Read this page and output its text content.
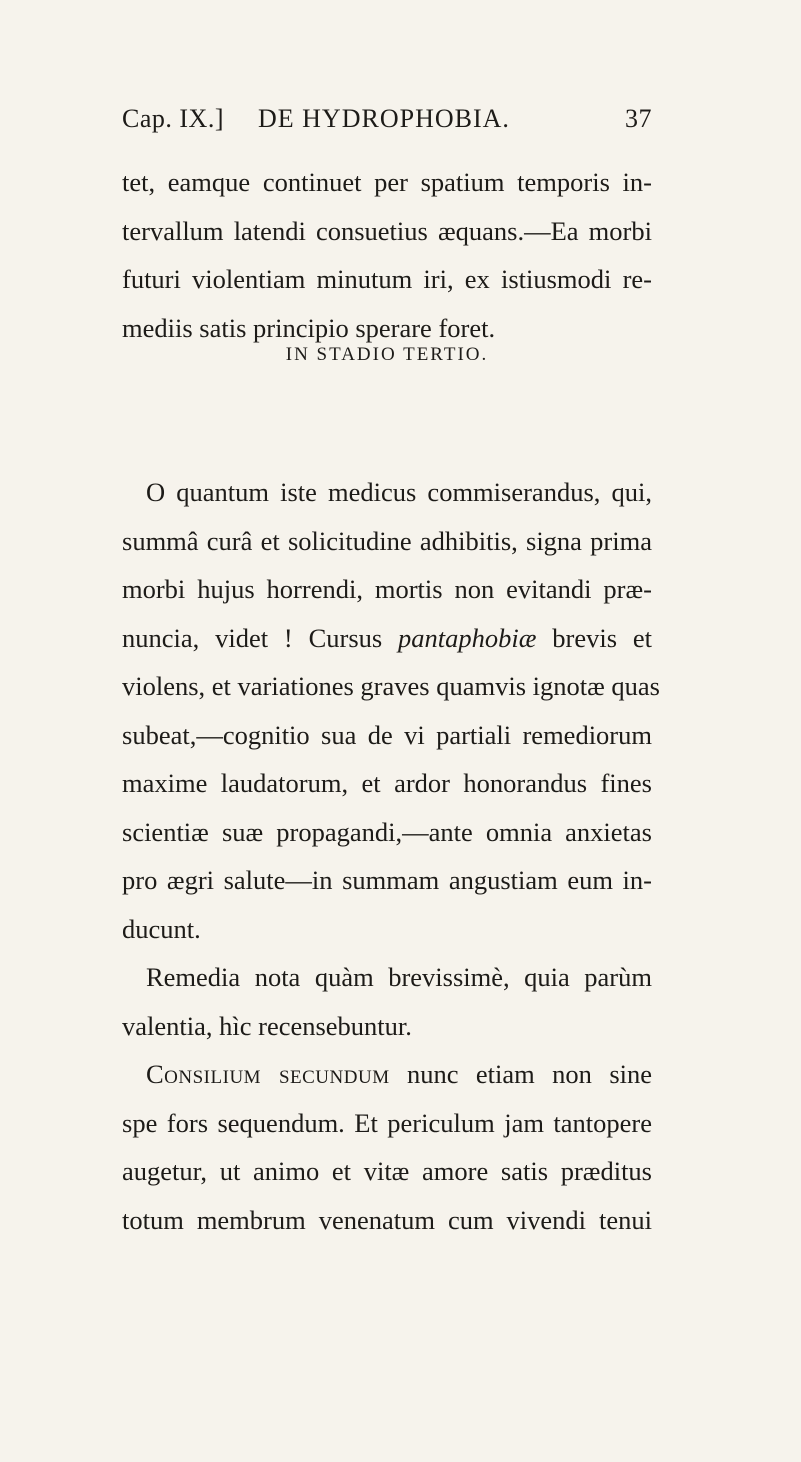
Cap. IX.] DE HYDROPHOBIA.	37
tet, eamque continuet per spatium temporis in-
tervallum latendi consuetius æquans.—Ea morbi
futuri violentiam minutum iri, ex istiusmodi re-
mediis satis principio sperare foret.
IN STADIO TERTIO.
O quantum iste medicus commiserandus, qui,
summâ curâ et solicitudine adhibitis, signa prima
morbi hujus horrendi, mortis non evitandi præ-
nuncia, videt ! Cursus pantaphobiæ brevis et
violens, et variationes graves quamvis ignotæ quas
subeat,—cognitio sua de vi partiali remediorum
maxime laudatorum, et ardor honorandus fines
scientiæ suæ propagandi,—ante omnia anxietas
pro ægri salute—in summam angustiam eum in-
ducunt.
Remedia nota quàm brevissimè, quia parùm
valentia, hìc recensebuntur.
Consilium secundum nunc etiam non sine
spe fors sequendum. Et periculum jam tantopere
augetur, ut animo et vitæ amore satis præditus
totum membrum venenatum cum vivendi tenui
